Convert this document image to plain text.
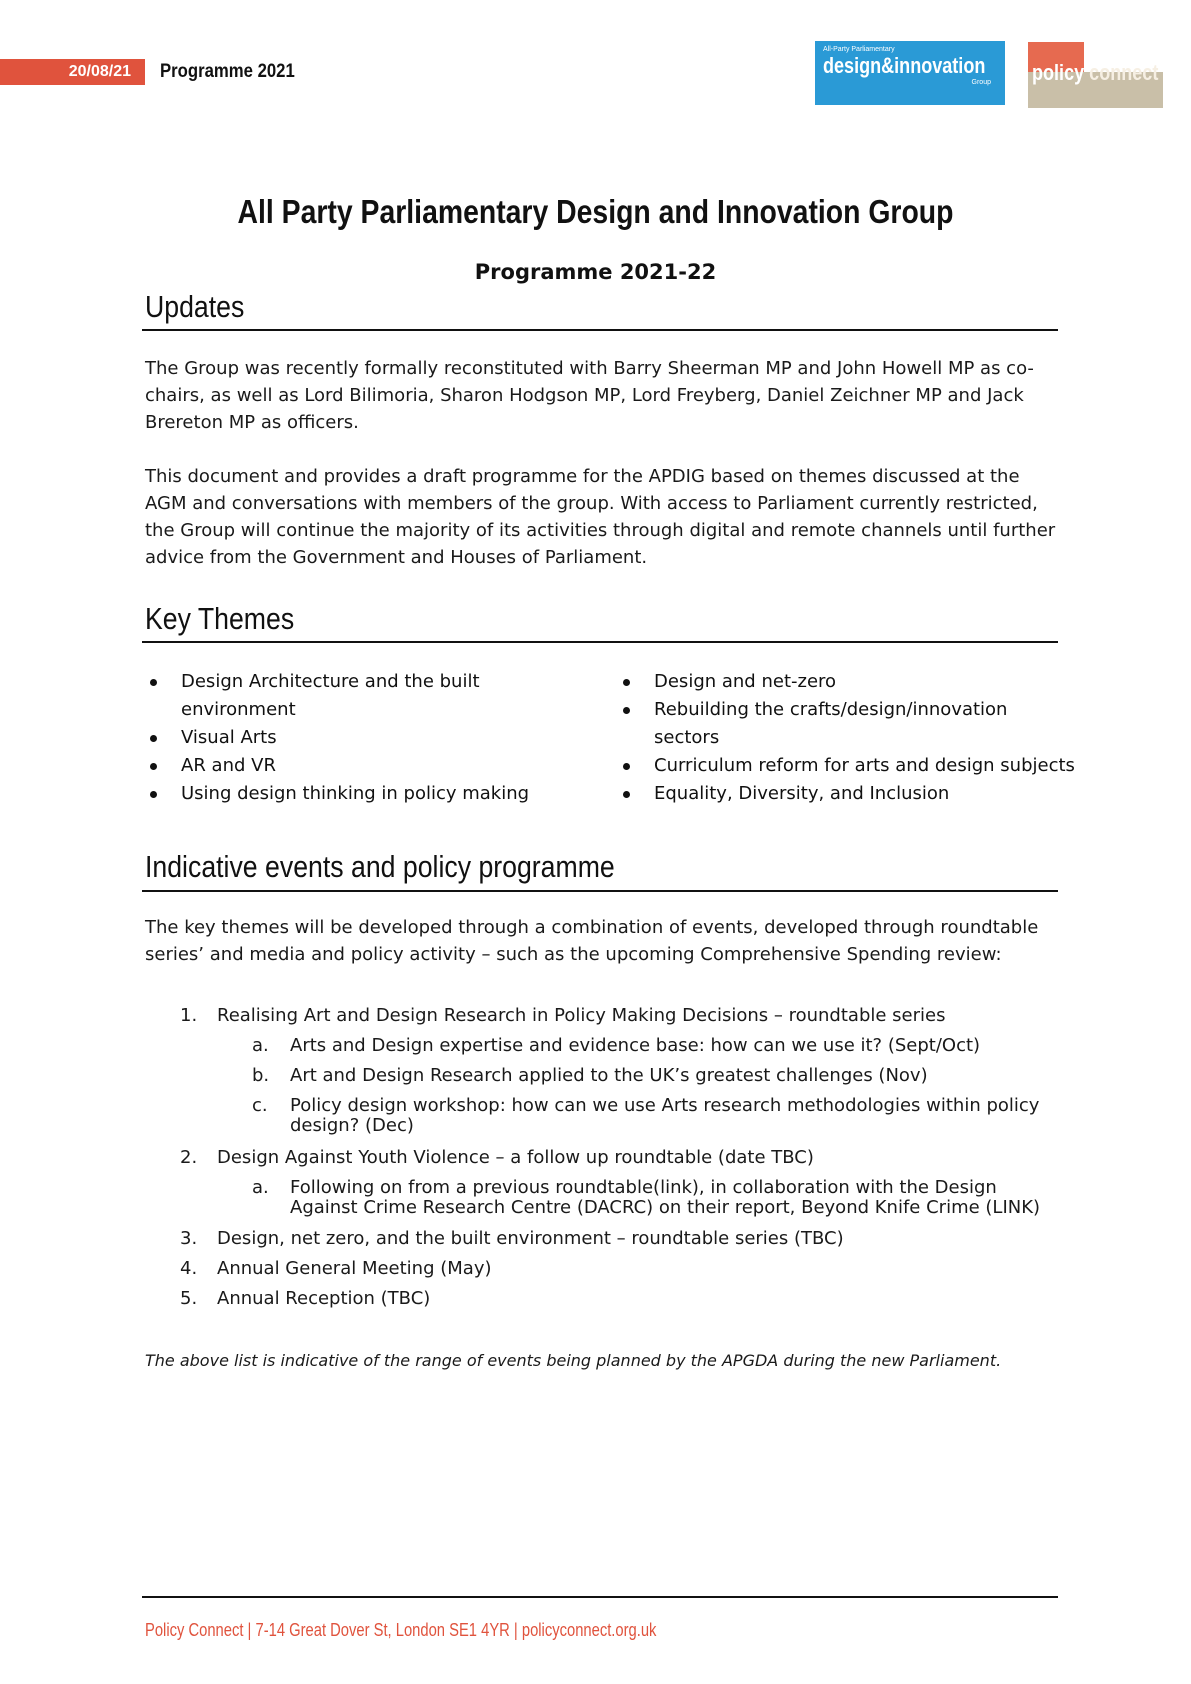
20/08/21	Programme 2021
All-Party Parliamentary
design&innovation
Group policy connect
All Party Parliamentary Design and Innovation Group
Programme 2021-22
Updates
The Group was recently formally reconstituted with Barry Sheerman MP and John Howell MP as co-chairs, as well as Lord Bilimoria, Sharon Hodgson MP, Lord Freyberg, Daniel Zeichner MP and Jack Brereton MP as officers.
This document and provides a draft programme for the APDIG based on themes discussed at the AGM and conversations with members of the group. With access to Parliament currently restricted, the Group will continue the majority of its activities through digital and remote channels until further advice from the Government and Houses of Parliament.
Key Themes
Design Architecture and the built environment
Visual Arts
AR and VR
Using design thinking in policy making
Design and net-zero
Rebuilding the crafts/design/innovation sectors
Curriculum reform for arts and design subjects
Equality, Diversity, and Inclusion
Indicative events and policy programme
The key themes will be developed through a combination of events, developed through roundtable series’ and media and policy activity – such as the upcoming Comprehensive Spending review:
1. Realising Art and Design Research in Policy Making Decisions – roundtable series
a. Arts and Design expertise and evidence base: how can we use it? (Sept/Oct)
b. Art and Design Research applied to the UK’s greatest challenges (Nov)
c. Policy design workshop: how can we use Arts research methodologies within policy design? (Dec)
2. Design Against Youth Violence – a follow up roundtable (date TBC)
a. Following on from a previous roundtable(link), in collaboration with the Design Against Crime Research Centre (DACRC) on their report, Beyond Knife Crime (LINK)
3. Design, net zero, and the built environment – roundtable series (TBC)
4. Annual General Meeting (May)
5. Annual Reception (TBC)
The above list is indicative of the range of events being planned by the APGDA during the new Parliament.
Policy Connect | 7-14 Great Dover St, London SE1 4YR | policyconnect.org.uk
